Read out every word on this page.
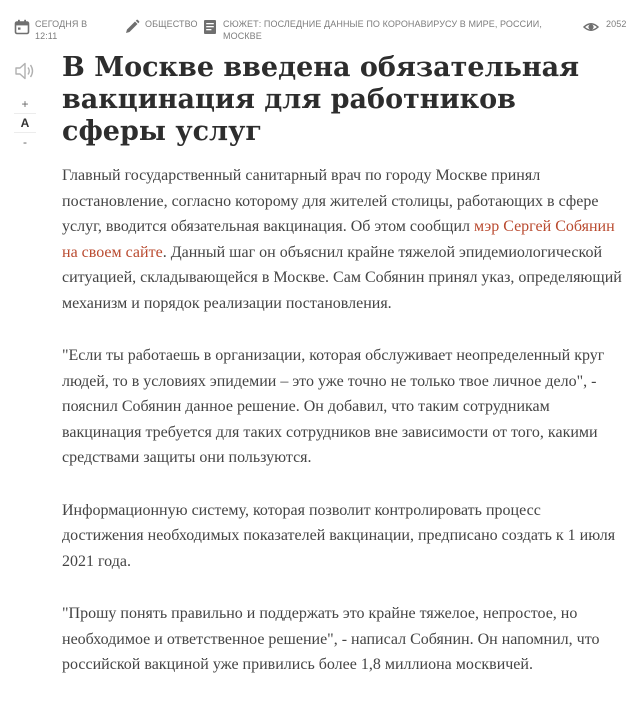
СЕГОДНЯ В 12:11
ОБЩЕСТВО	СЮЖЕТ: ПОСЛЕДНИЕ ДАННЫЕ ПО КОРОНАВИРУСУ В МИРЕ, РОССИИ, МОСКВЕ
2052
+
A
-
В Москве введена обязательная вакцинация для работников сферы услуг

Главный государственный санитарный врач по городу Москве принял постановление, согласно которому для жителей столицы, работающих в сфере услуг, вводится обязательная вакцинация. Об этом сообщил мэр Сергей Собянин на своем сайте. Данный шаг он объяснил крайне тяжелой эпидемиологической ситуацией, складывающейся в Москве. Сам Собянин принял указ, определяющий механизм и порядок реализации постановления.

"Если ты работаешь в организации, которая обслуживает неопределенный круг людей, то в условиях эпидемии – это уже точно не только твое личное дело", - пояснил Собянин данное решение. Он добавил, что таким сотрудникам вакцинация требуется для таких сотрудников вне зависимости от того, какими средствами защиты они пользуются.

Информационную систему, которая позволит контролировать процесс достижения необходимых показателей вакцинации, предписано создать к 1 июля 2021 года.

"Прошу понять правильно и поддержать это крайне тяжелое, непростое, но необходимое и ответственное решение", - написал Собянин. Он напомнил, что российской вакциной уже привились более 1,8 миллиона москвичей.
